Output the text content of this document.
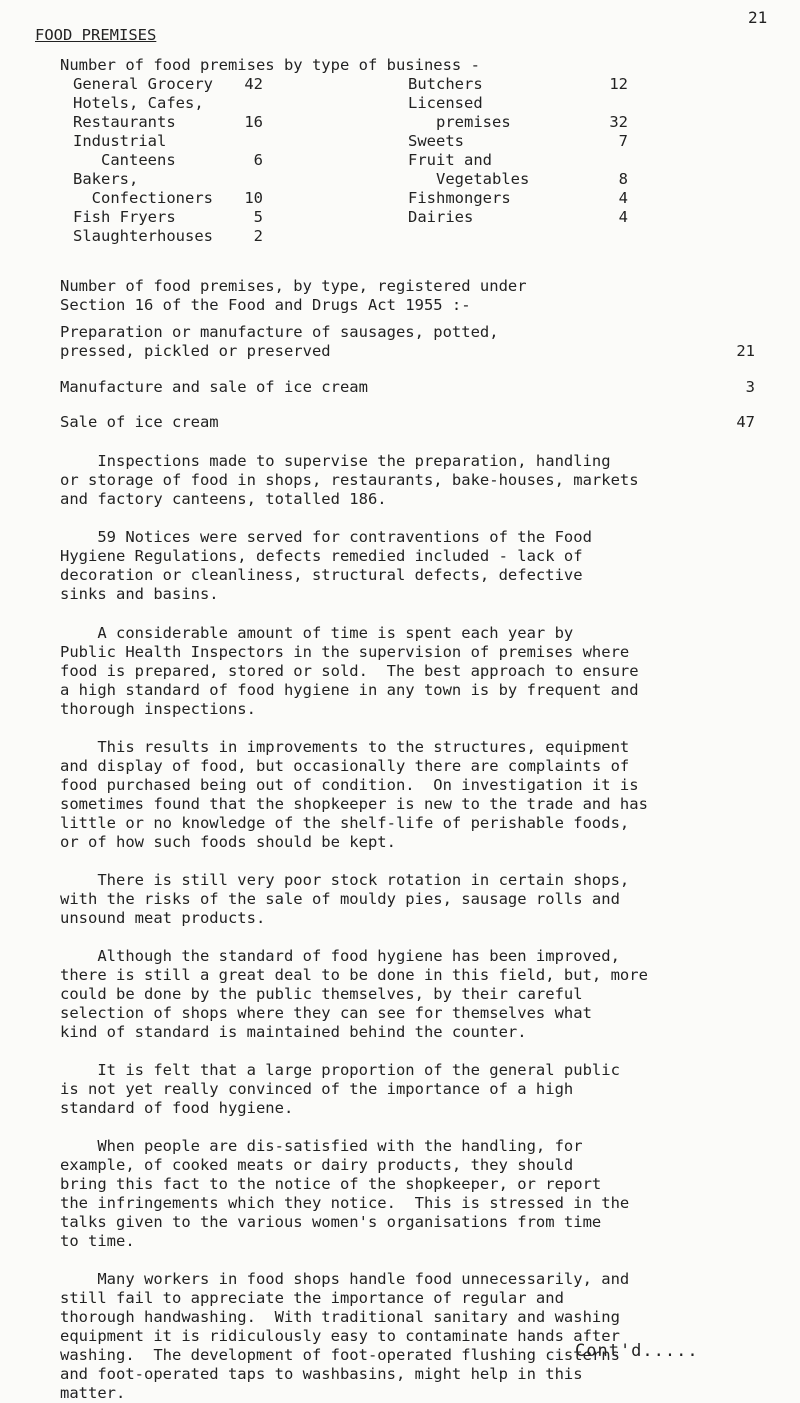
21
FOOD PREMISES
Number of food premises by type of business -
General Grocery	42
Hotels, Cafes,
Restaurants	16
Industrial
Canteens	6
Bakers,
Confectioners	10
Fish Fryers	5
Slaughterhouses	2
Butchers	12
Licensed
premises	32
Sweets	7
Fruit and
Vegetables	8
Fishmongers	4
Dairies	4
Number of food premises, by type, registered under
Section 16 of the Food and Drugs Act 1955 :-
Preparation or manufacture of sausages, potted,
pressed, pickled or preserved	21
Manufacture and sale of ice cream	3
Sale of ice cream	47
Inspections made to supervise the preparation, handling
or storage of food in shops, restaurants, bake-houses, markets
and factory canteens, totalled 186.
59 Notices were served for contraventions of the Food
Hygiene Regulations, defects remedied included - lack of
decoration or cleanliness, structural defects, defective
sinks and basins.
A considerable amount of time is spent each year by
Public Health Inspectors in the supervision of premises where
food is prepared, stored or sold.  The best approach to ensure
a high standard of food hygiene in any town is by frequent and
thorough inspections.
This results in improvements to the structures, equipment
and display of food, but occasionally there are complaints of
food purchased being out of condition.  On investigation it is
sometimes found that the shopkeeper is new to the trade and has
little or no knowledge of the shelf-life of perishable foods,
or of how such foods should be kept.
There is still very poor stock rotation in certain shops,
with the risks of the sale of mouldy pies, sausage rolls and
unsound meat products.
Although the standard of food hygiene has been improved,
there is still a great deal to be done in this field, but, more
could be done by the public themselves, by their careful
selection of shops where they can see for themselves what
kind of standard is maintained behind the counter.
It is felt that a large proportion of the general public
is not yet really convinced of the importance of a high
standard of food hygiene.
When people are dis-satisfied with the handling, for
example, of cooked meats or dairy products, they should
bring this fact to the notice of the shopkeeper, or report
the infringements which they notice.  This is stressed in the
talks given to the various women's organisations from time
to time.
Many workers in food shops handle food unnecessarily, and
still fail to appreciate the importance of regular and
thorough handwashing.  With traditional sanitary and washing
equipment it is ridiculously easy to contaminate hands after
washing.  The development of foot-operated flushing cisterns
and foot-operated taps to washbasins, might help in this
matter.
Cont'd.....
